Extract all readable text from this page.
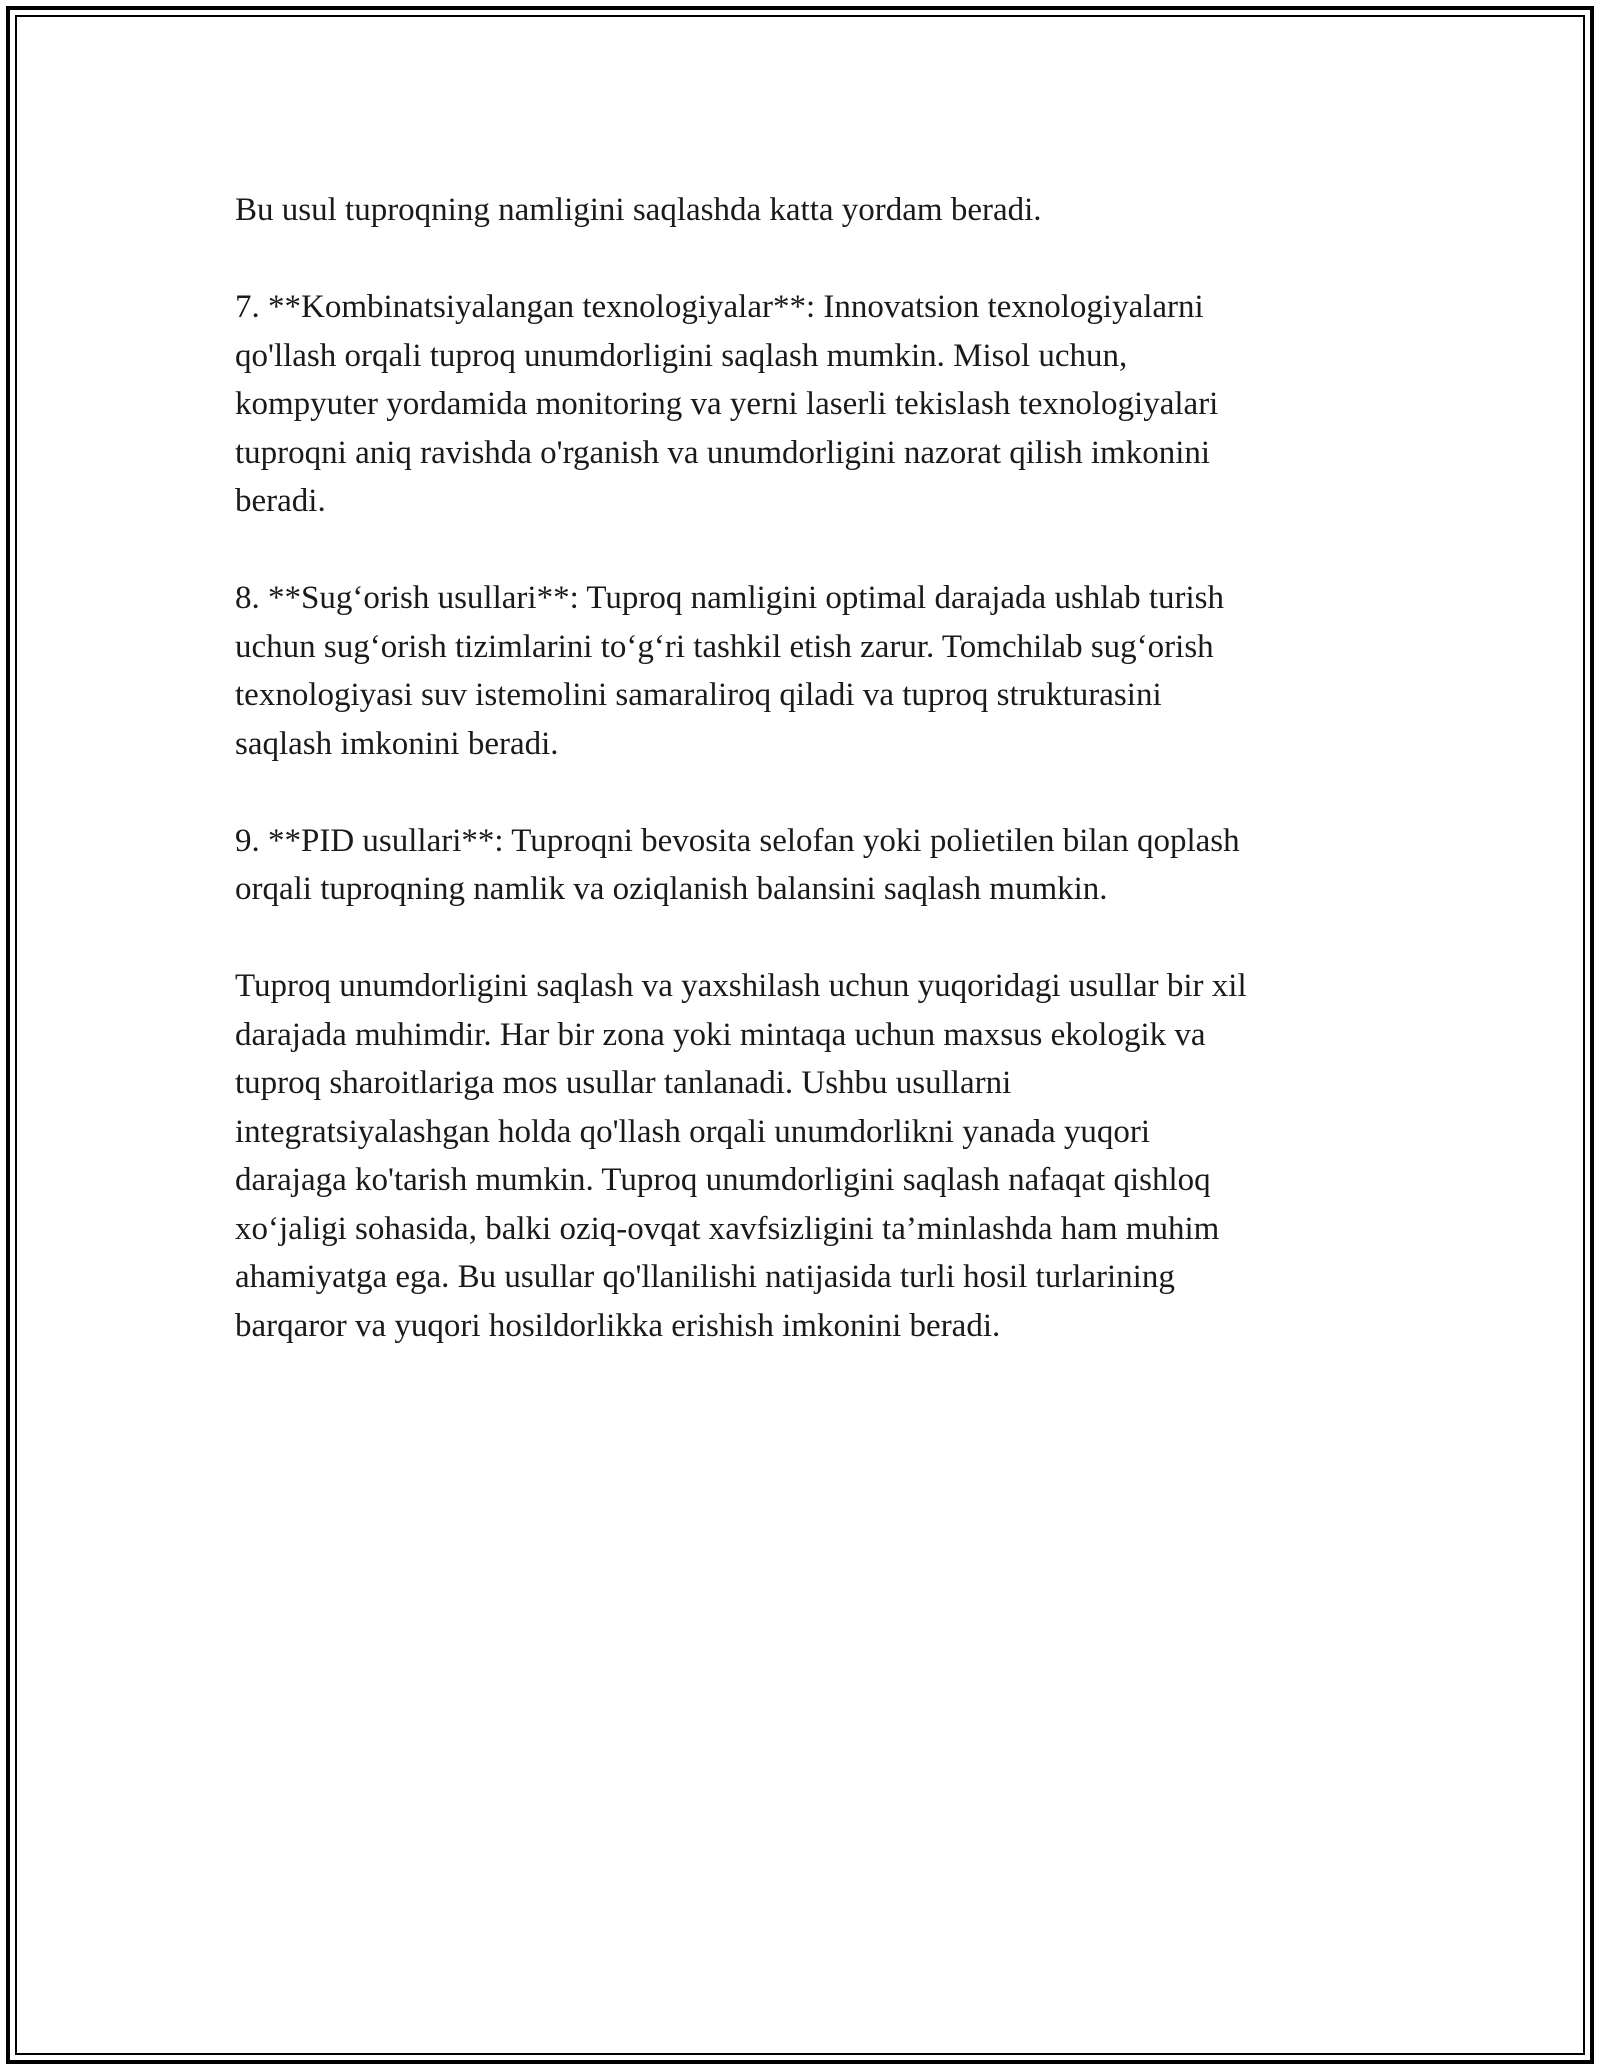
Bu usul tuproqning namligini saqlashda katta yordam beradi.

7. **Kombinatsiyalangan texnologiyalar**: Innovatsion texnologiyalarni
qo'llash orqali tuproq unumdorligini saqlash mumkin. Misol uchun,
kompyuter yordamida monitoring va yerni laserli tekislash texnologiyalari
tuproqni aniq ravishda o'rganish va unumdorligini nazorat qilish imkonini
beradi.

8. **Sug‘orish usullari**: Tuproq namligini optimal darajada ushlab turish
uchun sug‘orish tizimlarini to‘g‘ri tashkil etish zarur. Tomchilab sug‘orish
texnologiyasi suv istemolini samaraliroq qiladi va tuproq strukturasini
saqlash imkonini beradi.

9. **PID usullari**: Tuproqni bevosita selofan yoki polietilen bilan qoplash
orqali tuproqning namlik va oziqlanish balansini saqlash mumkin.

Tuproq unumdorligini saqlash va yaxshilash uchun yuqoridagi usullar bir xil
darajada muhimdir. Har bir zona yoki mintaqa uchun maxsus ekologik va
tuproq sharoitlariga mos usullar tanlanadi. Ushbu usullarni
integratsiyalashgan holda qo'llash orqali unumdorlikni yanada yuqori
darajaga ko'tarish mumkin. Tuproq unumdorligini saqlash nafaqat qishloq
xo‘jaligi sohasida, balki oziq-ovqat xavfsizligini ta’minlashda ham muhim
ahamiyatga ega. Bu usullar qo'llanilishi natijasida turli hosil turlarining
barqaror va yuqori hosildorlikka erishish imkonini beradi.
